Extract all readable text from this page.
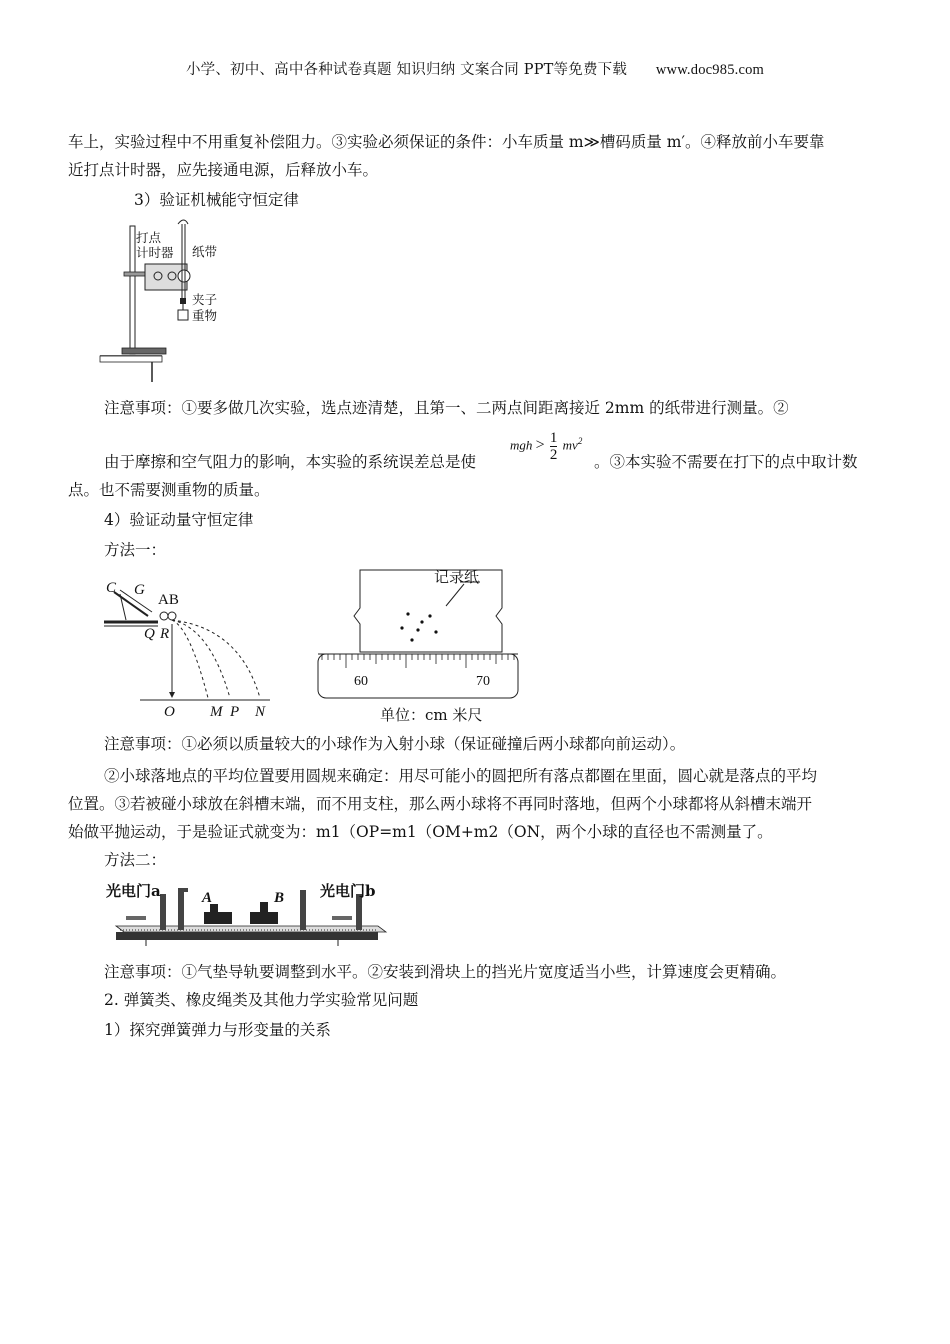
小学、初中、高中各种试卷真题 知识归纳 文案合同 PPT等免费下载 www.doc985.com
车上，实验过程中不用重复补偿阻力。③实验必须保证的条件：小车质量 m≫槽码质量 m′。④释放前小车要靠
近打点计时器，应先接通电源，后释放小车。
3）验证机械能守恒定律
打点
计时器 纸带
夹子
重物
注意事项：①要多做几次实验，选点迹清楚，且第一、二两点间距离接近 2mm 的纸带进行测量。②
由于摩擦和空气阻力的影响，本实验的系统误差总是使
mgh > $\frac{1}{2} mv^2$
。③本实验不需要在打下的点中取计数
点。也不需要测重物的质量。
4）验证动量守恒定律
方法一：
C G
AB
Q R
O M P N
记录纸
60	70
单位：cm 米尺
注意事项：①必须以质量较大的小球作为入射小球（保证碰撞后两小球都向前运动）。
②小球落地点的平均位置要用圆规来确定：用尽可能小的圆把所有落点都圈在里面，圆心就是落点的平均
位置。③若被碰小球放在斜槽末端，而不用支柱，那么两小球将不再同时落地，但两个小球都将从斜槽末端开
始做平抛运动，于是验证式就变为：m1（OP=m1（OM+m2（ON，两个小球的直径也不需测量了。
方法二：
光电门a	光电门b
A	B
注意事项：①气垫导轨要调整到水平。②安装到滑块上的挡光片宽度适当小些，计算速度会更精确。
2. 弹簧类、橡皮绳类及其他力学实验常见问题
1）探究弹簧弹力与形变量的关系
